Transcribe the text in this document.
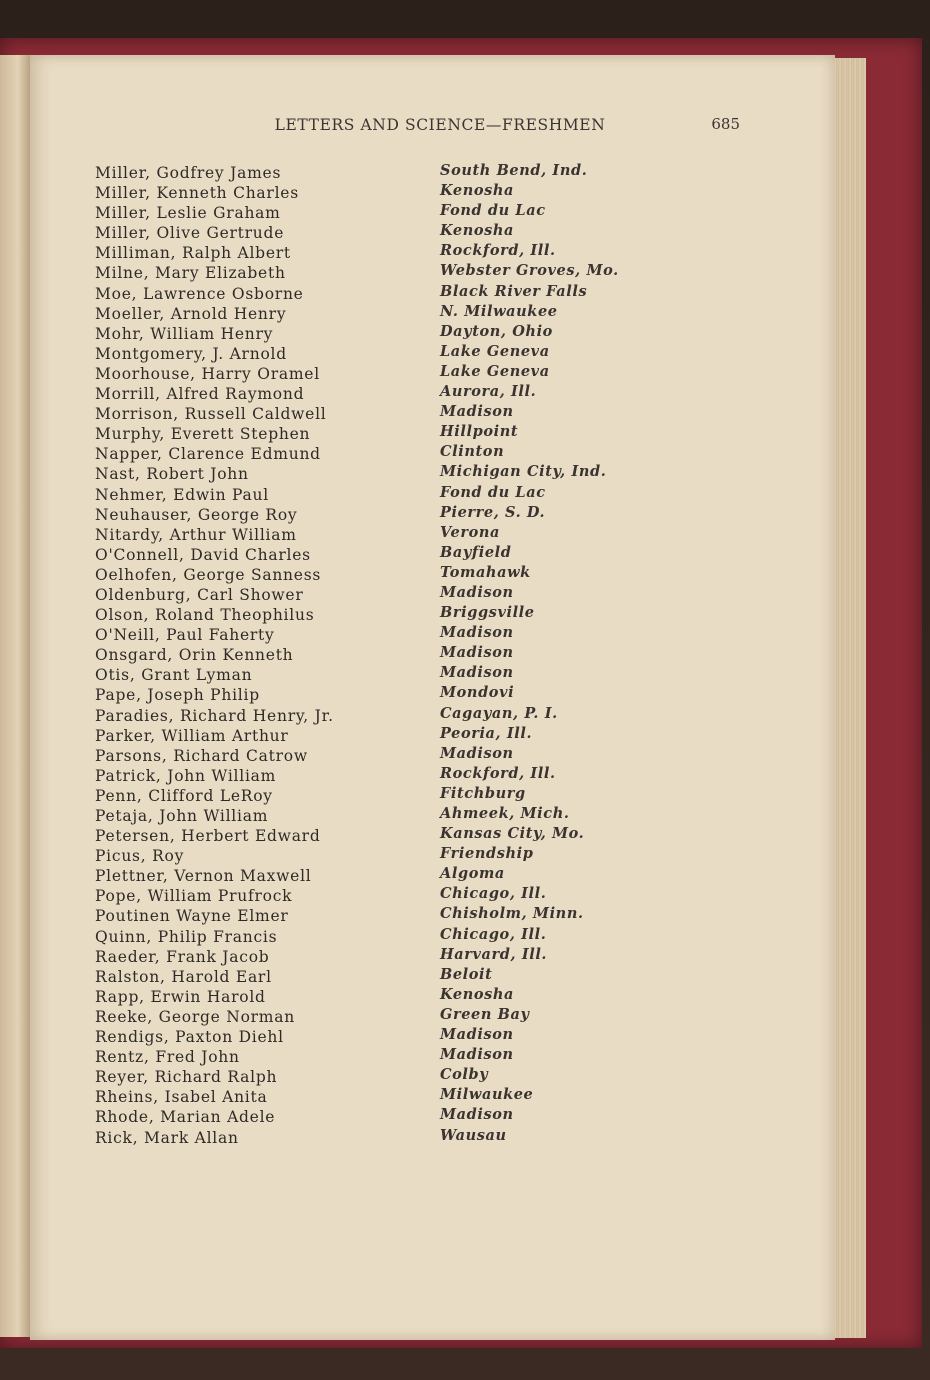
LETTERS AND SCIENCE—FRESHMEN	685
Miller, Godfrey James
Miller, Kenneth Charles
Miller, Leslie Graham
Miller, Olive Gertrude
Milliman, Ralph Albert
Milne, Mary Elizabeth
Moe, Lawrence Osborne
Moeller, Arnold Henry
Mohr, William Henry
Montgomery, J. Arnold
Moorhouse, Harry Oramel
Morrill, Alfred Raymond
Morrison, Russell Caldwell
Murphy, Everett Stephen
Napper, Clarence Edmund
Nast, Robert John
Nehmer, Edwin Paul
Neuhauser, George Roy
Nitardy, Arthur William
O'Connell, David Charles
Oelhofen, George Sanness
Oldenburg, Carl Shower
Olson, Roland Theophilus
O'Neill, Paul Faherty
Onsgard, Orin Kenneth
Otis, Grant Lyman
Pape, Joseph Philip
Paradies, Richard Henry, Jr.
Parker, William Arthur
Parsons, Richard Catrow
Patrick, John William
Penn, Clifford LeRoy
Petaja, John William
Petersen, Herbert Edward
Picus, Roy
Plettner, Vernon Maxwell
Pope, William Prufrock
Poutinen Wayne Elmer
Quinn, Philip Francis
Raeder, Frank Jacob
Ralston, Harold Earl
Rapp, Erwin Harold
Reeke, George Norman
Rendigs, Paxton Diehl
Rentz, Fred John
Reyer, Richard Ralph
Rheins, Isabel Anita
Rhode, Marian Adele
Rick, Mark Allan
South Bend, Ind.
Kenosha
Fond du Lac
Kenosha
Rockford, Ill.
Webster Groves, Mo.
Black River Falls
N. Milwaukee
Dayton, Ohio
Lake Geneva
Lake Geneva
Aurora, Ill.
Madison
Hillpoint
Clinton
Michigan City, Ind.
Fond du Lac
Pierre, S. D.
Verona
Bayfield
Tomahawk
Madison
Briggsville
Madison
Madison
Madison
Mondovi
Cagayan, P. I.
Peoria, Ill.
Madison
Rockford, Ill.
Fitchburg
Ahmeek, Mich.
Kansas City, Mo.
Friendship
Algoma
Chicago, Ill.
Chisholm, Minn.
Chicago, Ill.
Harvard, Ill.
Beloit
Kenosha
Green Bay
Madison
Madison
Colby
Milwaukee
Madison
Wausau
